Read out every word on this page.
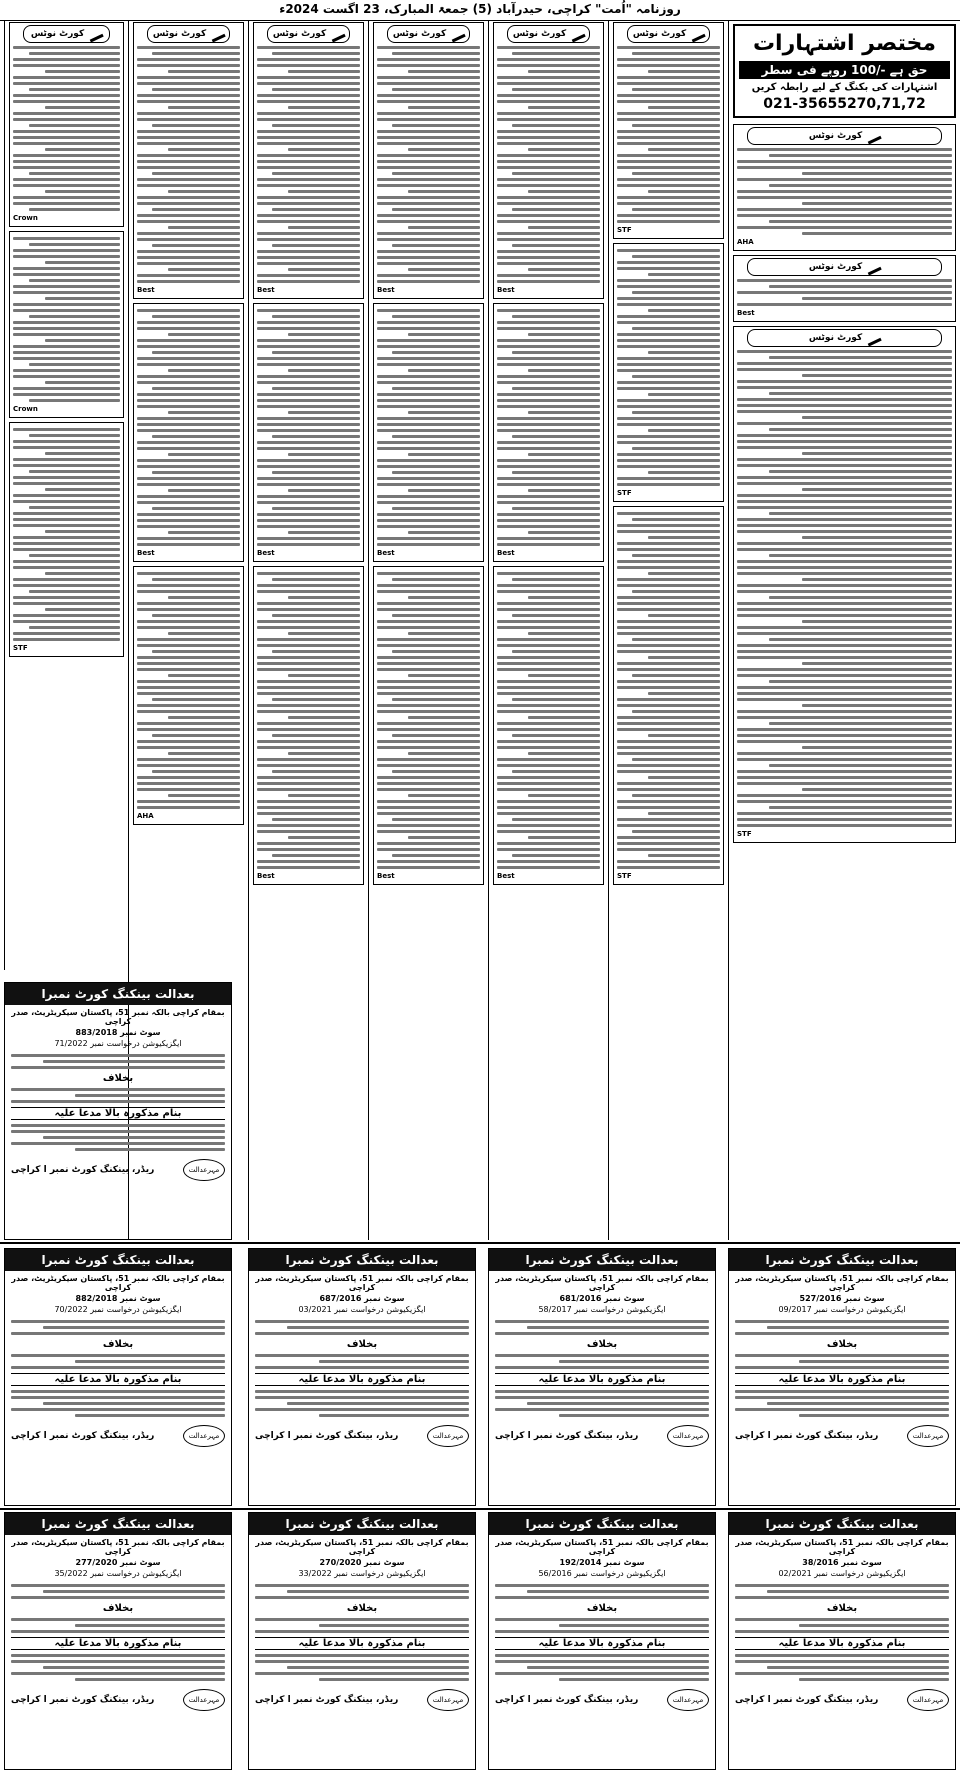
روزنامہ "اُمت" کراچی، حیدرآباد (5) جمعۃ المبارک، 23 اگست 2024ء
مختصر اشتہارات
حق ہے -/100 روپے فی سطر
اشتہارات کی بکنگ کے لیے رابطہ کریں
021-35655270,71,72
کورٹ نوٹس
AHA
کورٹ نوٹس
Best
کورٹ نوٹس
STF
کورٹ نوٹس
STF
STF
STF
کورٹ نوٹس
Best
Best
Best
کورٹ نوٹس
Best
Best
Best
کورٹ نوٹس
Best
Best
Best
کورٹ نوٹس
Best
Best
AHA
کورٹ نوٹس
Crown
Crown
STF
بعدالت بینکنگ کورٹ نمبرا
بمقام کراچی بالکہ نمبر 51، پاکستان سیکریٹریٹ، صدر کراچی
سوٹ نمبر 883/2018
ایگزیکیوشن درخواست نمبر 71/2022
بخلاف
بنام مذکورہ بالا مدعا علیہ
مہرعدالت
ریڈر، بینکنگ کورٹ نمبر ا کراچی
بعدالت بینکنگ کورٹ نمبرا
بمقام کراچی بالکہ نمبر 51، پاکستان سیکریٹریٹ، صدر کراچی
سوٹ نمبر 527/2016
ایگزیکیوشن درخواست نمبر 09/2017
بخلاف
بنام مذکورہ بالا مدعا علیہ
مہرعدالت
ریڈر، بینکنگ کورٹ نمبر ا کراچی
بعدالت بینکنگ کورٹ نمبرا
بمقام کراچی بالکہ نمبر 51، پاکستان سیکریٹریٹ، صدر کراچی
سوٹ نمبر 681/2016
ایگزیکیوشن درخواست نمبر 58/2017
بخلاف
بنام مذکورہ بالا مدعا علیہ
مہرعدالت
ریڈر، بینکنگ کورٹ نمبر ا کراچی
بعدالت بینکنگ کورٹ نمبرا
بمقام کراچی بالکہ نمبر 51، پاکستان سیکریٹریٹ، صدر کراچی
سوٹ نمبر 687/2016
ایگزیکیوشن درخواست نمبر 03/2021
بخلاف
بنام مذکورہ بالا مدعا علیہ
مہرعدالت
ریڈر، بینکنگ کورٹ نمبر ا کراچی
بعدالت بینکنگ کورٹ نمبرا
بمقام کراچی بالکہ نمبر 51، پاکستان سیکریٹریٹ، صدر کراچی
سوٹ نمبر 882/2018
ایگزیکیوشن درخواست نمبر 70/2022
بخلاف
بنام مذکورہ بالا مدعا علیہ
مہرعدالت
ریڈر، بینکنگ کورٹ نمبر ا کراچی
بعدالت بینکنگ کورٹ نمبرا
بمقام کراچی بالکہ نمبر 51، پاکستان سیکریٹریٹ، صدر کراچی
سوٹ نمبر 38/2016
ایگزیکیوشن درخواست نمبر 02/2021
بخلاف
بنام مذکورہ بالا مدعا علیہ
مہرعدالت
ریڈر، بینکنگ کورٹ نمبر ا کراچی
بعدالت بینکنگ کورٹ نمبرا
بمقام کراچی بالکہ نمبر 51، پاکستان سیکریٹریٹ، صدر کراچی
سوٹ نمبر 192/2014
ایگزیکیوشن درخواست نمبر 56/2016
بخلاف
بنام مذکورہ بالا مدعا علیہ
مہرعدالت
ریڈر، بینکنگ کورٹ نمبر ا کراچی
بعدالت بینکنگ کورٹ نمبرا
بمقام کراچی بالکہ نمبر 51، پاکستان سیکریٹریٹ، صدر کراچی
سوٹ نمبر 270/2020
ایگزیکیوشن درخواست نمبر 33/2022
بخلاف
بنام مذکورہ بالا مدعا علیہ
مہرعدالت
ریڈر، بینکنگ کورٹ نمبر ا کراچی
بعدالت بینکنگ کورٹ نمبرا
بمقام کراچی بالکہ نمبر 51، پاکستان سیکریٹریٹ، صدر کراچی
سوٹ نمبر 277/2020
ایگزیکیوشن درخواست نمبر 35/2022
بخلاف
بنام مذکورہ بالا مدعا علیہ
مہرعدالت
ریڈر، بینکنگ کورٹ نمبر ا کراچی
